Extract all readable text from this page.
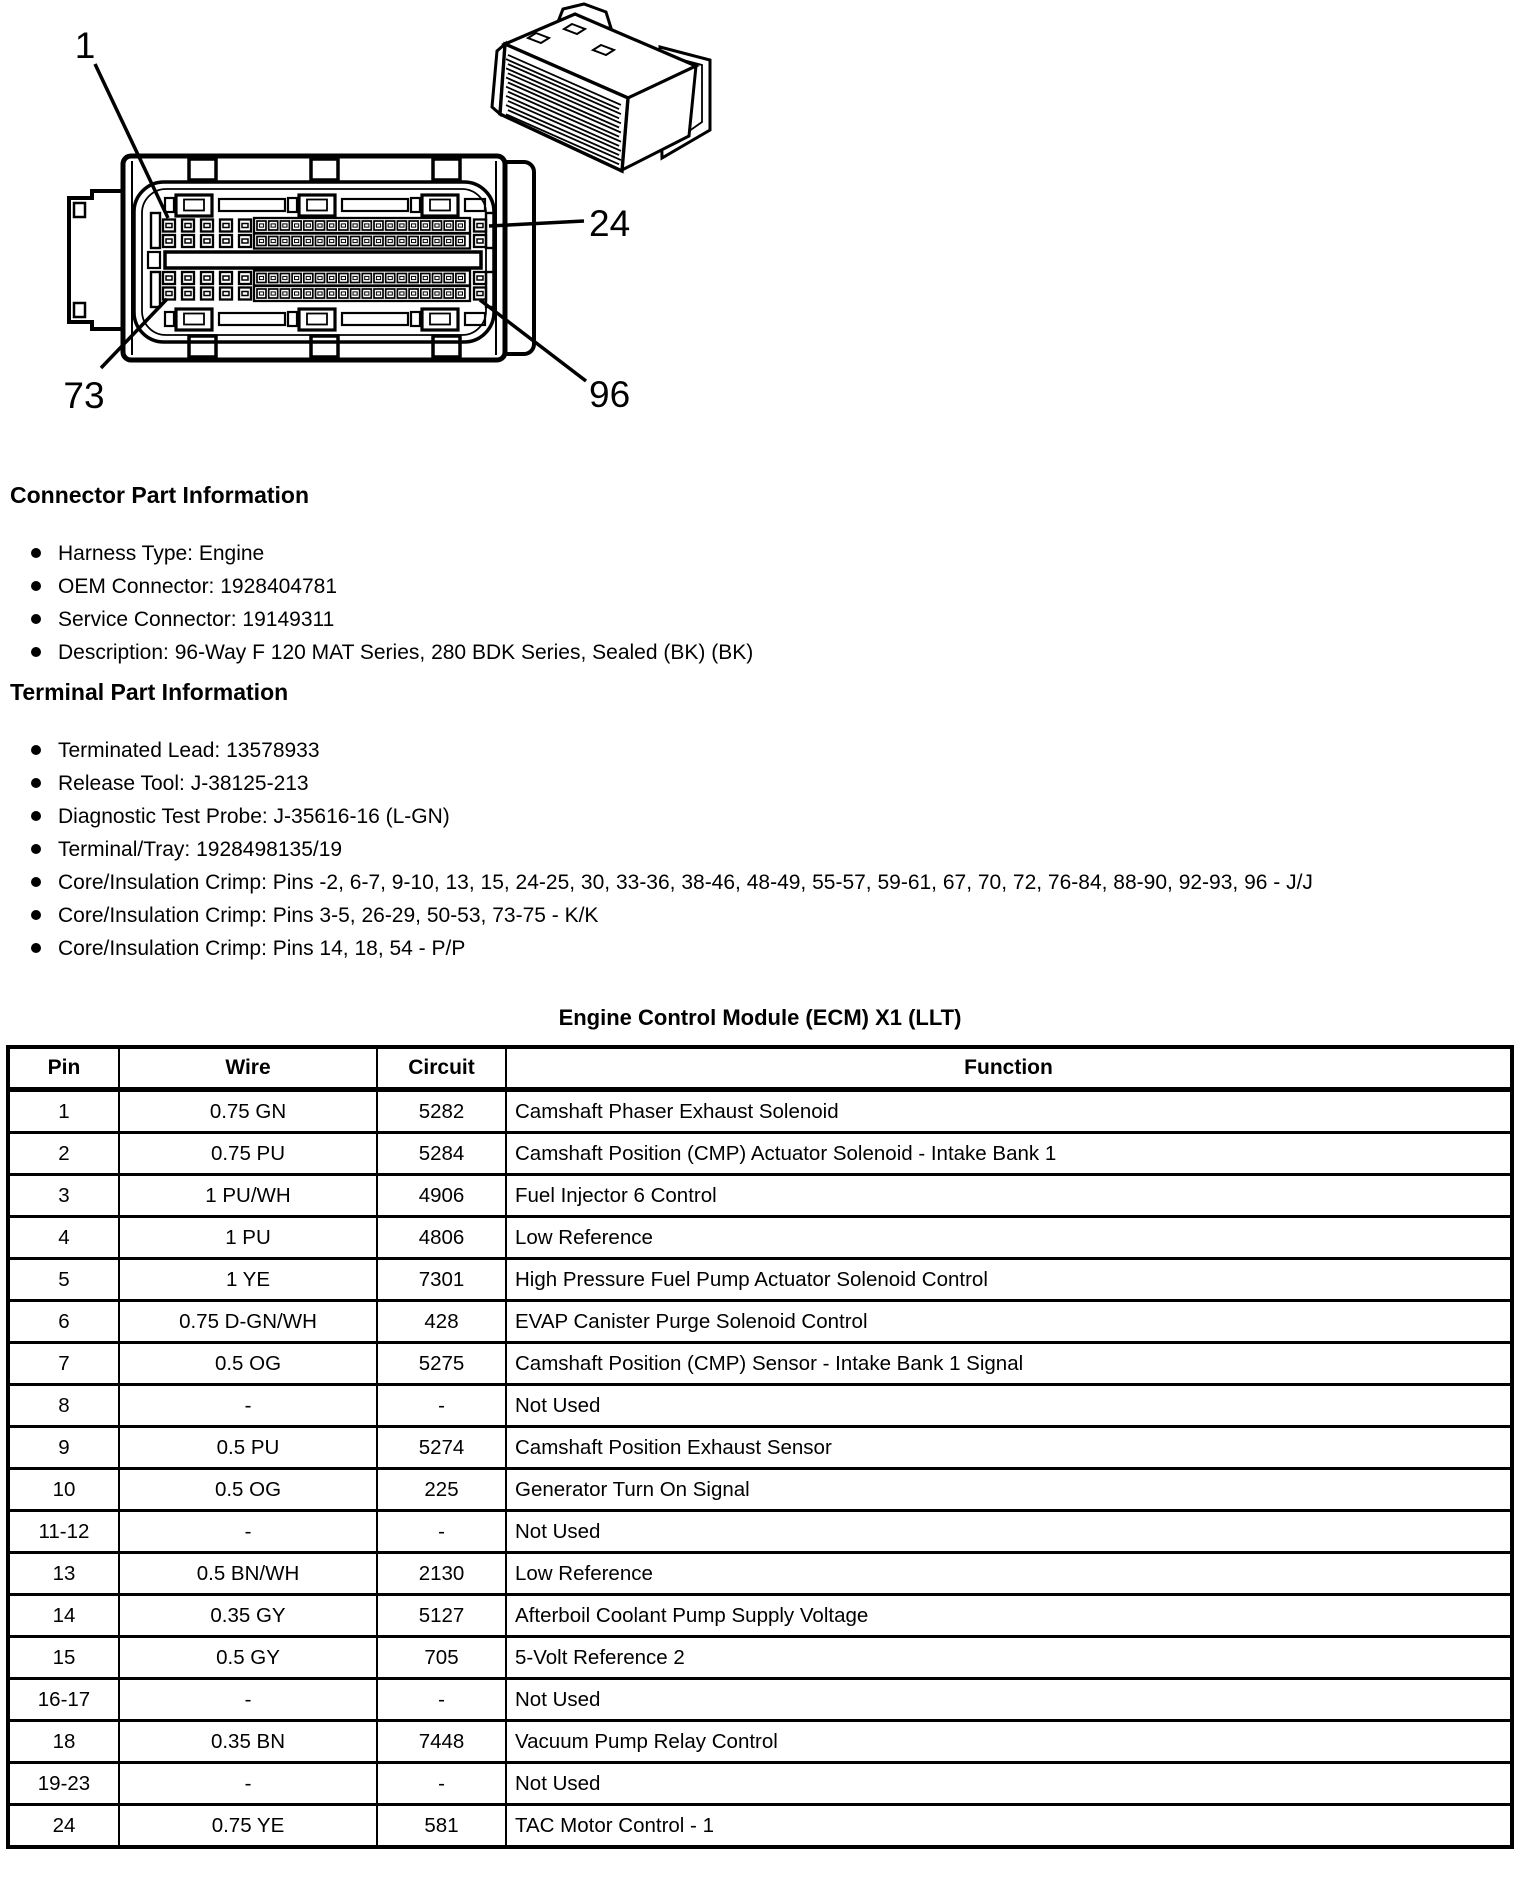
1
24
73	96
Connector Part Information
Harness Type: Engine
OEM Connector: 1928404781
Service Connector: 19149311
Description: 96-Way F 120 MAT Series, 280 BDK Series, Sealed (BK) (BK)
Terminal Part Information
Terminated Lead: 13578933
Release Tool: J-38125-213
Diagnostic Test Probe: J-35616-16 (L-GN)
Terminal/Tray: 1928498135/19
Core/Insulation Crimp: Pins -2, 6-7, 9-10, 13, 15, 24-25, 30, 33-36, 38-46, 48-49, 55-57, 59-61, 67, 70, 72, 76-84, 88-90, 92-93, 96 - J/J
Core/Insulation Crimp: Pins 3-5, 26-29, 50-53, 73-75 - K/K
Core/Insulation Crimp: Pins 14, 18, 54 - P/P
Engine Control Module (ECM) X1 (LLT)
Pin	Wire	Circuit	Function
1	0.75 GN	5282	Camshaft Phaser Exhaust Solenoid
2	0.75 PU	5284	Camshaft Position (CMP) Actuator Solenoid - Intake Bank 1
3	1 PU/WH	4906	Fuel Injector 6 Control
4	1 PU	4806	Low Reference
5	1 YE	7301	High Pressure Fuel Pump Actuator Solenoid Control
6	0.75 D-GN/WH	428	EVAP Canister Purge Solenoid Control
7	0.5 OG	5275	Camshaft Position (CMP) Sensor - Intake Bank 1 Signal
8	-	-	Not Used
9	0.5 PU	5274	Camshaft Position Exhaust Sensor
10	0.5 OG	225	Generator Turn On Signal
11-12	-	-	Not Used
13	0.5 BN/WH	2130	Low Reference
14	0.35 GY	5127	Afterboil Coolant Pump Supply Voltage
15	0.5 GY	705	5-Volt Reference 2
16-17	-	-	Not Used
18	0.35 BN	7448	Vacuum Pump Relay Control
19-23	-	-	Not Used
24	0.75 YE	581	TAC Motor Control - 1
